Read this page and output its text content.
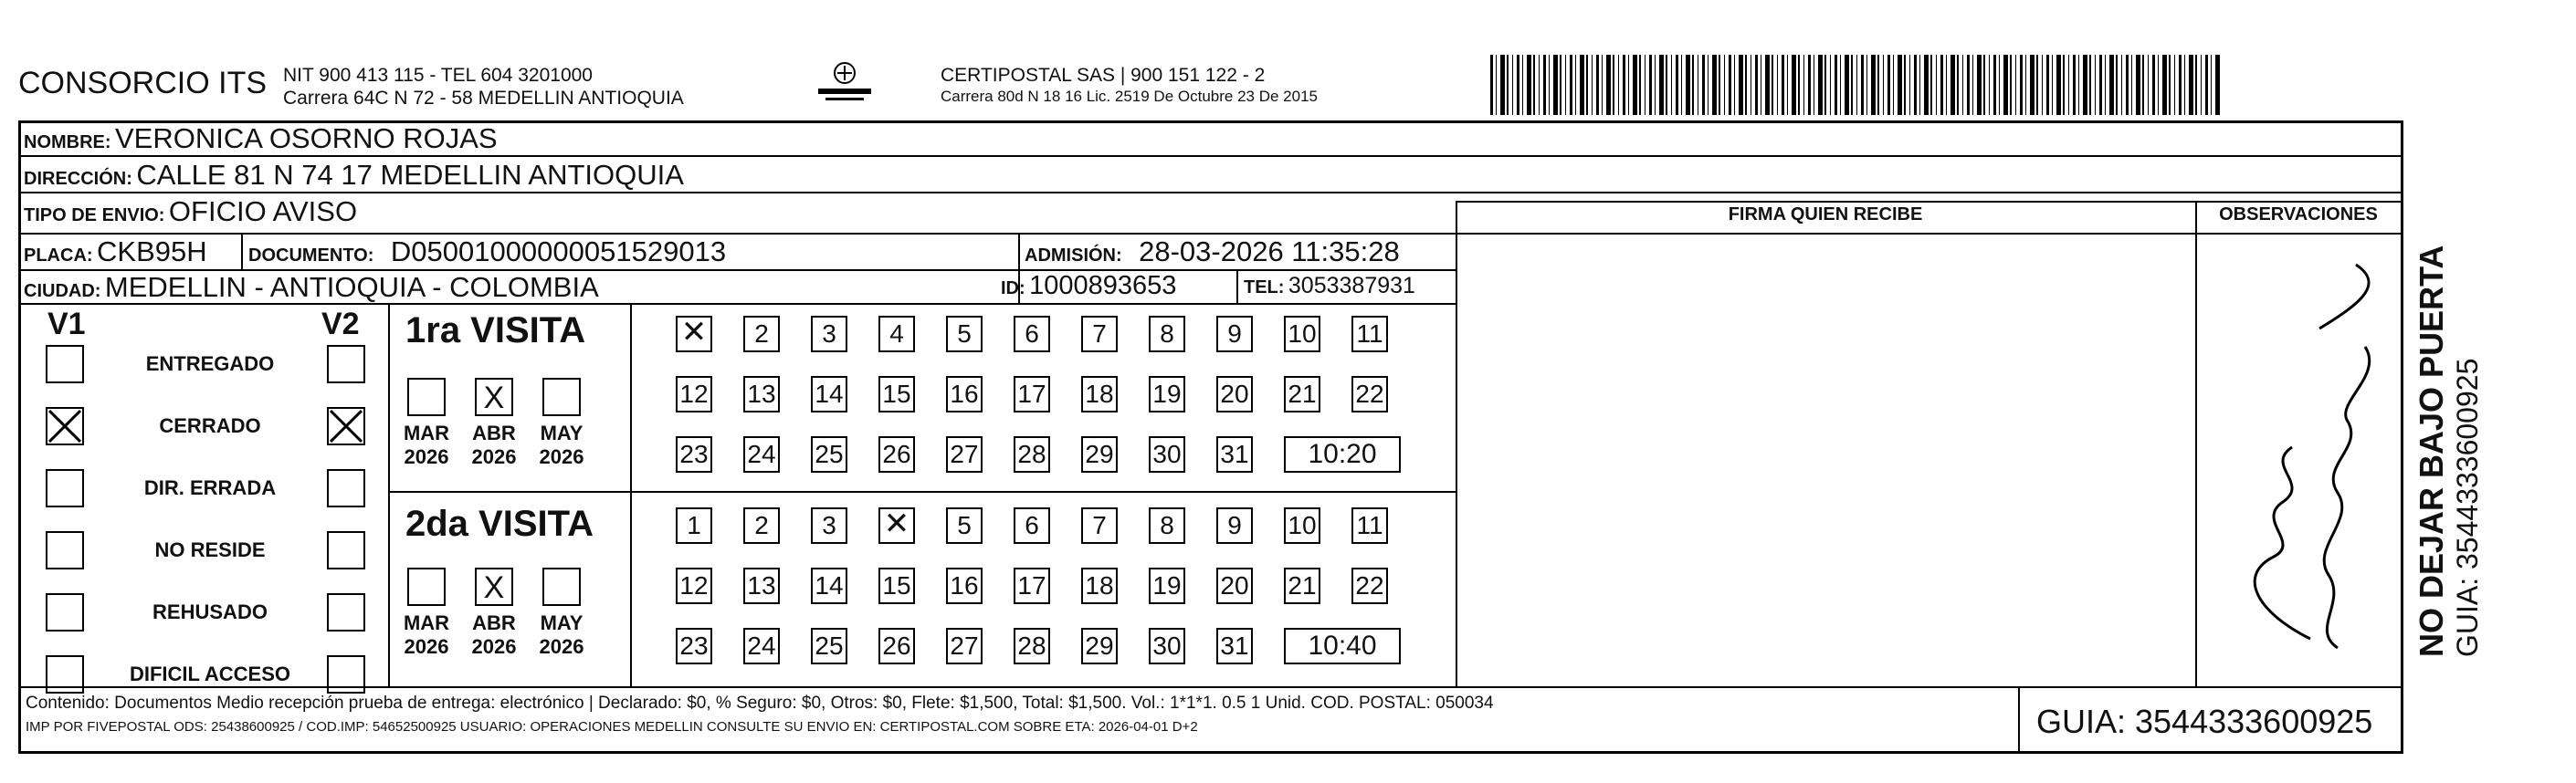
CONSORCIO ITS NIT 900 413 115 - TEL 604 3201000
Carrera 64C N 72 - 58 MEDELLIN ANTIOQUIA
CERTIPOSTAL SAS | 900 151 122 - 2
Carrera 80d N 18 16 Lic. 2519 De Octubre 23 De 2015
NOMBRE: VERONICA OSORNO ROJAS
DIRECCIÓN: CALLE 81 N 74 17 MEDELLIN ANTIOQUIA
TIPO DE ENVIO: OFICIO AVISO
PLACA: CKB95H DOCUMENTO: D05001000000051529013	ADMISIÓN: 28-03-2026 11:35:28
CIUDAD: MEDELLIN - ANTIOQUIA - COLOMBIA	ID: 1000893653	TEL: 3053387931
FIRMA QUIEN RECIBE	OBSERVACIONES
NO DEJAR BAJO PUERTA GUIA: 3544333600925
V1	V2
ENTREGADO
CERRADO
DIR. ERRADA
NO RESIDE
REHUSADO
DIFICIL ACCESO
1ra VISITA
2da VISITA
MAR
2026
X
ABR
2026
MAY
2026
MAR
2026
X
ABR
2026
MAY
2026
✕
2	3	4	5	6	7	8	9	10 11
12 13 14 15 16 17 18 19 20 21 22
23 24 25 26 27 28 29 30 31	10:20
1	2	3
✕	5	6	7	8	9	10 11
12 13 14 15 16 17 18 19 20 21 22
23 24 25 26 27 28 29 30 31	10:40
Contenido: Documentos Medio recepción prueba de entrega: electrónico | Declarado: $0, % Seguro: $0, Otros: $0, Flete: $1,500, Total: $1,500. Vol.: 1*1*1. 0.5 1 Unid. COD. POSTAL: 050034
IMP POR FIVEPOSTAL ODS: 25438600925 / COD.IMP: 54652500925 USUARIO: OPERACIONES MEDELLIN CONSULTE SU ENVIO EN: CERTIPOSTAL.COM SOBRE ETA: 2026-04-01 D+2	GUIA: 3544333600925
